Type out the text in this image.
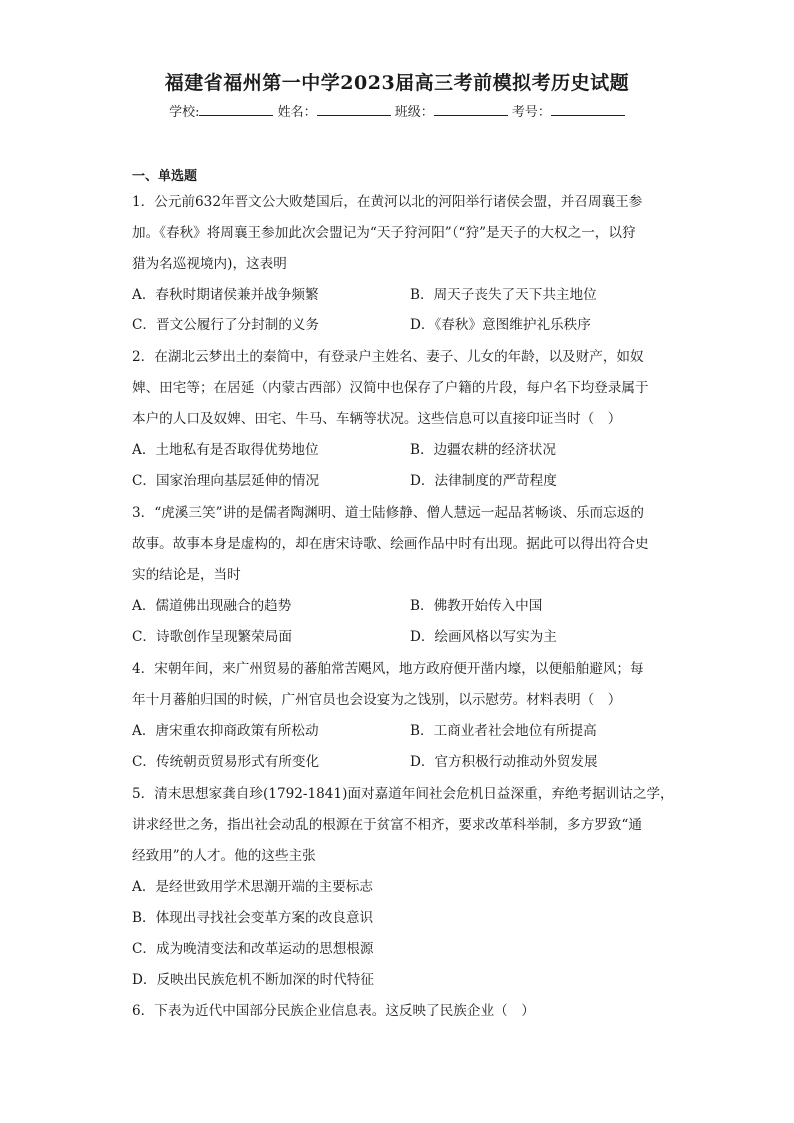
福建省福州第一中学2023届高三考前模拟考历史试题
学校:	姓名：	班级：	考号：
一、单选题
1．公元前632年晋文公大败楚国后，在黄河以北的河阳举行诸侯会盟，并召周襄王参
加。《春秋》将周襄王参加此次会盟记为“天子狩河阳”（“狩”是天子的大权之一，以狩
猎为名巡视境内)，这表明
A．春秋时期诸侯兼并战争频繁	B．周天子丧失了天下共主地位
C．晋文公履行了分封制的义务	D．《春秋》意图维护礼乐秩序
2．在湖北云梦出土的秦简中，有登录户主姓名、妻子、儿女的年龄，以及财产，如奴
婢、田宅等；在居延（内蒙古西部）汉简中也保存了户籍的片段，每户名下均登录属于
本户的人口及奴婢、田宅、牛马、车辆等状况。这些信息可以直接印证当时（　）
A．土地私有是否取得优势地位	B．边疆农耕的经济状况
C．国家治理向基层延伸的情况	D．法律制度的严苛程度
3．“虎溪三笑”讲的是儒者陶渊明、道士陆修静、僧人慧远一起品茗畅谈、乐而忘返的
故事。故事本身是虚构的，却在唐宋诗歌、绘画作品中时有出现。据此可以得出符合史
实的结论是，当时
A．儒道佛出现融合的趋势	B．佛教开始传入中国
C．诗歌创作呈现繁荣局面	D．绘画风格以写实为主
4．宋朝年间，来广州贸易的蕃舶常苦飓风，地方政府便开凿内壕，以便船舶避风；每
年十月蕃舶归国的时候，广州官员也会设宴为之饯别，以示慰劳。材料表明（　）
A．唐宋重农抑商政策有所松动	B．工商业者社会地位有所提高
C．传统朝贡贸易形式有所变化	D．官方积极行动推动外贸发展
5．清末思想家龚自珍(1792-1841)面对嘉道年间社会危机日益深重，弃绝考据训诂之学，
讲求经世之务，指出社会动乱的根源在于贫富不相齐，要求改革科举制，多方罗致“通
经致用”的人才。他的这些主张
A．是经世致用学术思潮开端的主要标志
B．体现出寻找社会变革方案的改良意识
C．成为晚清变法和改革运动的思想根源
D．反映出民族危机不断加深的时代特征
6．下表为近代中国部分民族企业信息表。这反映了民族企业（　）
